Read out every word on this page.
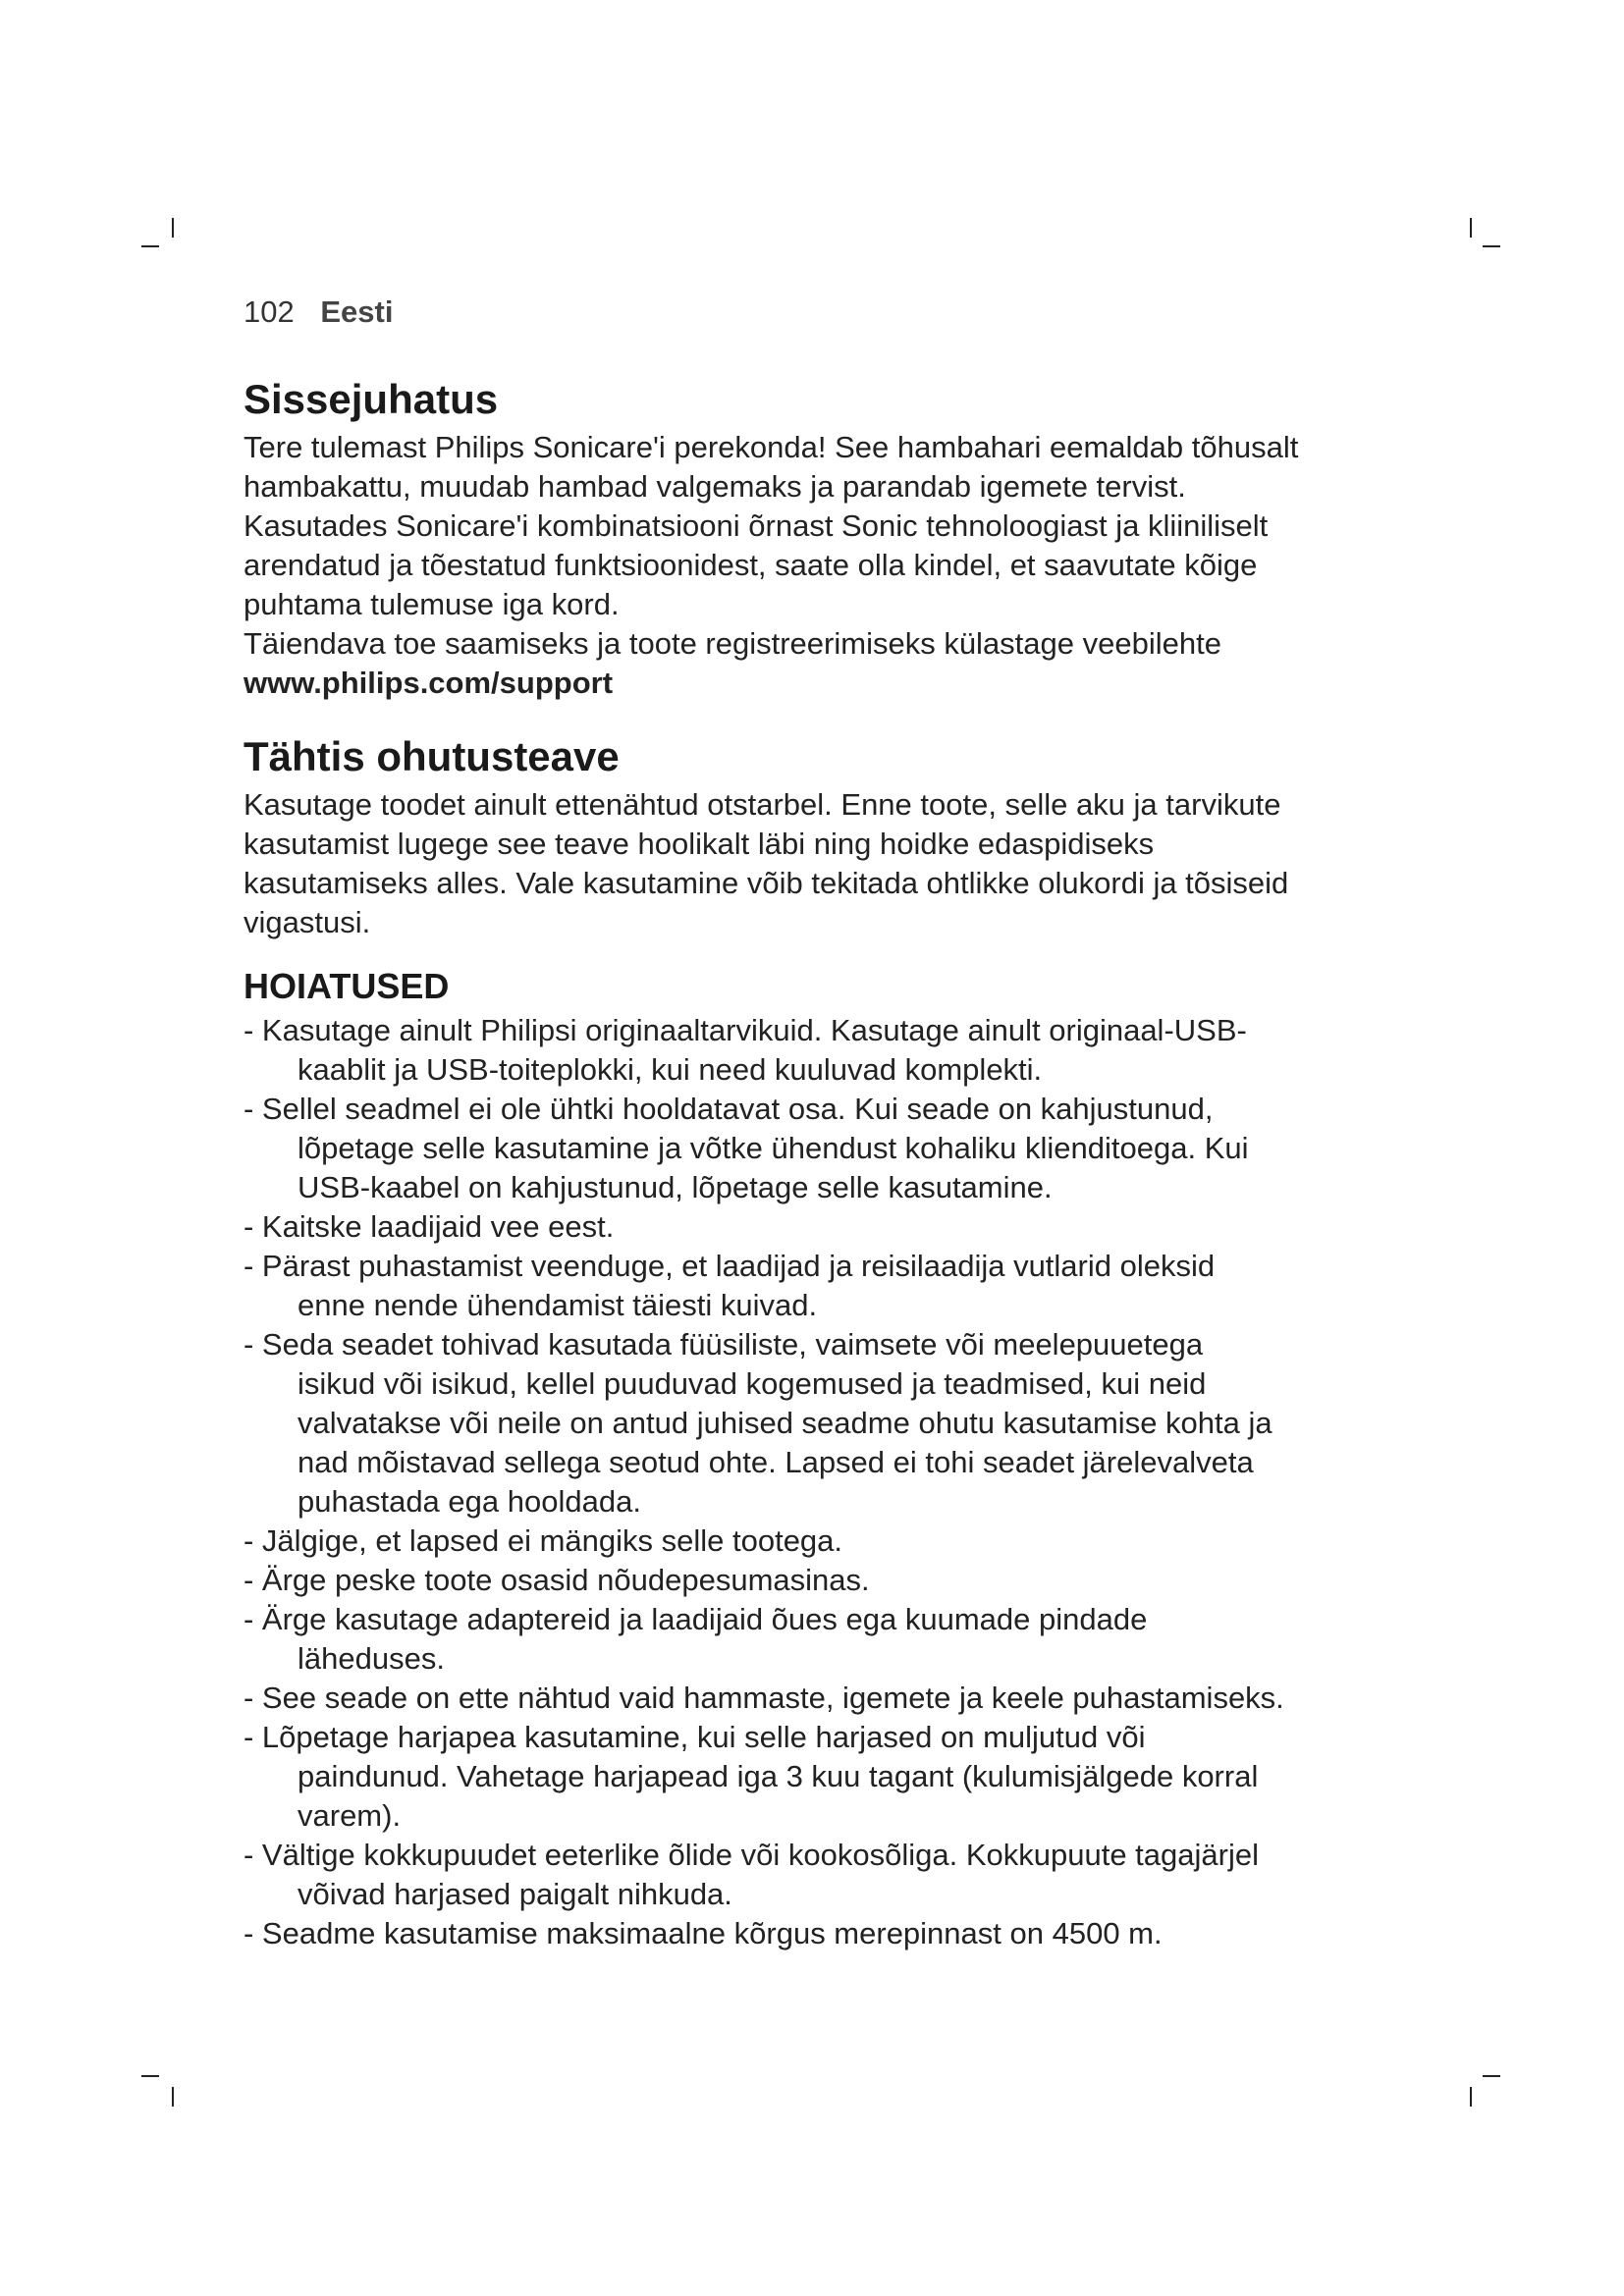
102 Eesti
Sissejuhatus

Tere tulemast Philips Sonicare'i perekonda! See hambahari eemaldab tõhusalt

hambakattu, muudab hambad valgemaks ja parandab igemete tervist.

Kasutades Sonicare'i kombinatsiooni õrnast Sonic tehnoloogiast ja kliiniliselt

arendatud ja tõestatud funktsioonidest, saate olla kindel, et saavutate kõige

puhtama tulemuse iga kord.

Täiendava toe saamiseks ja toote registreerimiseks külastage veebilehte

www.philips.com/support

Tähtis ohutusteave

Kasutage toodet ainult ettenähtud otstarbel. Enne toote, selle aku ja tarvikute

kasutamist lugege see teave hoolikalt läbi ning hoidke edaspidiseks

kasutamiseks alles. Vale kasutamine võib tekitada ohtlikke olukordi ja tõsiseid

vigastusi.

HOIATUSED
- Kasutage ainult Philipsi originaaltarvikuid. Kasutage ainult originaal-USB-
kaablit ja USB-toiteplokki, kui need kuuluvad komplekti.
- Sellel seadmel ei ole ühtki hooldatavat osa. Kui seade on kahjustunud,
lõpetage selle kasutamine ja võtke ühendust kohaliku klienditoega. Kui
USB-kaabel on kahjustunud, lõpetage selle kasutamine.
- Kaitske laadijaid vee eest.
- Pärast puhastamist veenduge, et laadijad ja reisilaadija vutlarid oleksid
enne nende ühendamist täiesti kuivad.
- Seda seadet tohivad kasutada füüsiliste, vaimsete või meelepuuetega
isikud või isikud, kellel puuduvad kogemused ja teadmised, kui neid
valvatakse või neile on antud juhised seadme ohutu kasutamise kohta ja
nad mõistavad sellega seotud ohte. Lapsed ei tohi seadet järelevalveta
puhastada ega hooldada.
- Jälgige, et lapsed ei mängiks selle tootega.
- Ärge peske toote osasid nõudepesumasinas.
- Ärge kasutage adaptereid ja laadijaid õues ega kuumade pindade
läheduses.
- See seade on ette nähtud vaid hammaste, igemete ja keele puhastamiseks.
- Lõpetage harjapea kasutamine, kui selle harjased on muljutud või
paindunud. Vahetage harjapead iga 3 kuu tagant (kulumisjälgede korral
varem).
- Vältige kokkupuudet eeterlike õlide või kookosõliga. Kokkupuute tagajärjel
võivad harjased paigalt nihkuda.
- Seadme kasutamise maksimaalne kõrgus merepinnast on 4500 m.
